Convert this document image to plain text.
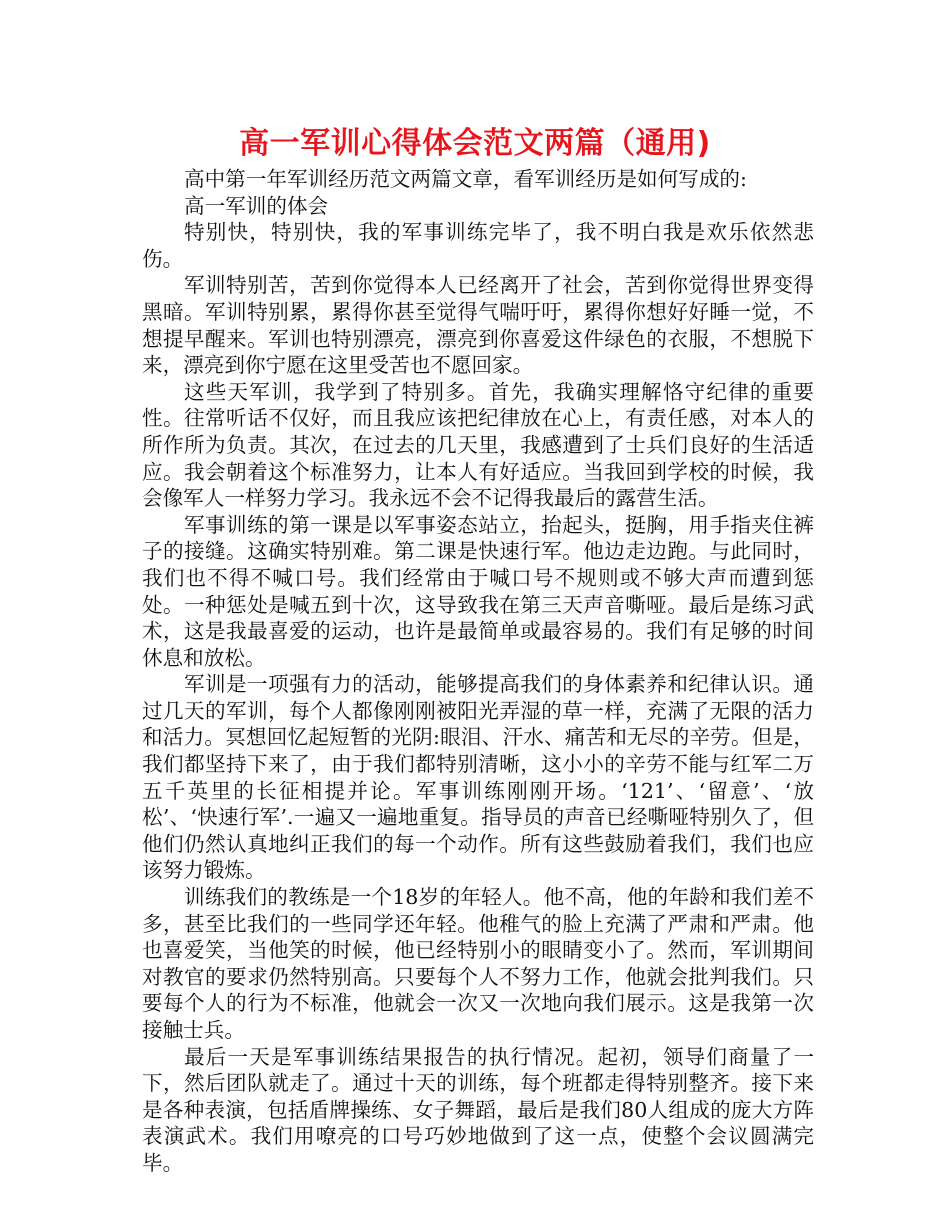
高一军训心得体会范文两篇（通用)

高中第一年军训经历范文两篇文章，看军训经历是如何写成的:

高一军训的体会

特别快，特别快，我的军事训练完毕了，我不明白我是欢乐依然悲伤。

军训特别苦，苦到你觉得本人已经离开了社会，苦到你觉得世界变得黑暗。军训特别累，累得你甚至觉得气喘吁吁，累得你想好好睡一觉，不想提早醒来。军训也特别漂亮，漂亮到你喜爱这件绿色的衣服，不想脱下来，漂亮到你宁愿在这里受苦也不愿回家。

这些天军训，我学到了特别多。首先，我确实理解恪守纪律的重要性。往常听话不仅好，而且我应该把纪律放在心上，有责任感，对本人的所作所为负责。其次，在过去的几天里，我感遭到了士兵们良好的生活适应。我会朝着这个标准努力，让本人有好适应。当我回到学校的时候，我会像军人一样努力学习。我永远不会不记得我最后的露营生活。

军事训练的第一课是以军事姿态站立，抬起头，挺胸，用手指夹住裤子的接缝。这确实特别难。第二课是快速行军。他边走边跑。与此同时，我们也不得不喊口号。我们经常由于喊口号不规则或不够大声而遭到惩处。一种惩处是喊五到十次，这导致我在第三天声音嘶哑。最后是练习武术，这是我最喜爱的运动，也许是最简单或最容易的。我们有足够的时间休息和放松。

军训是一项强有力的活动，能够提高我们的身体素养和纪律认识。通过几天的军训，每个人都像刚刚被阳光弄湿的草一样，充满了无限的活力和活力。冥想回忆起短暂的光阴:眼泪、汗水、痛苦和无尽的辛劳。但是，我们都坚持下来了，由于我们都特别清晰，这小小的辛劳不能与红军二万五千英里的长征相提并论。军事训练刚刚开场。‘121’、‘留意’、‘放松’、‘快速行军’.一遍又一遍地重复。指导员的声音已经嘶哑特别久了，但他们仍然认真地纠正我们的每一个动作。所有这些鼓励着我们，我们也应该努力锻炼。

训练我们的教练是一个18岁的年轻人。他不高，他的年龄和我们差不多，甚至比我们的一些同学还年轻。他稚气的脸上充满了严肃和严肃。他也喜爱笑，当他笑的时候，他已经特别小的眼睛变小了。然而，军训期间对教官的要求仍然特别高。只要每个人不努力工作，他就会批判我们。只要每个人的行为不标准，他就会一次又一次地向我们展示。这是我第一次接触士兵。

最后一天是军事训练结果报告的执行情况。起初，领导们商量了一下，然后团队就走了。通过十天的训练，每个班都走得特别整齐。接下来是各种表演，包括盾牌操练、女子舞蹈，最后是我们80人组成的庞大方阵表演武术。我们用嘹亮的口号巧妙地做到了这一点，使整个会议圆满完毕。
